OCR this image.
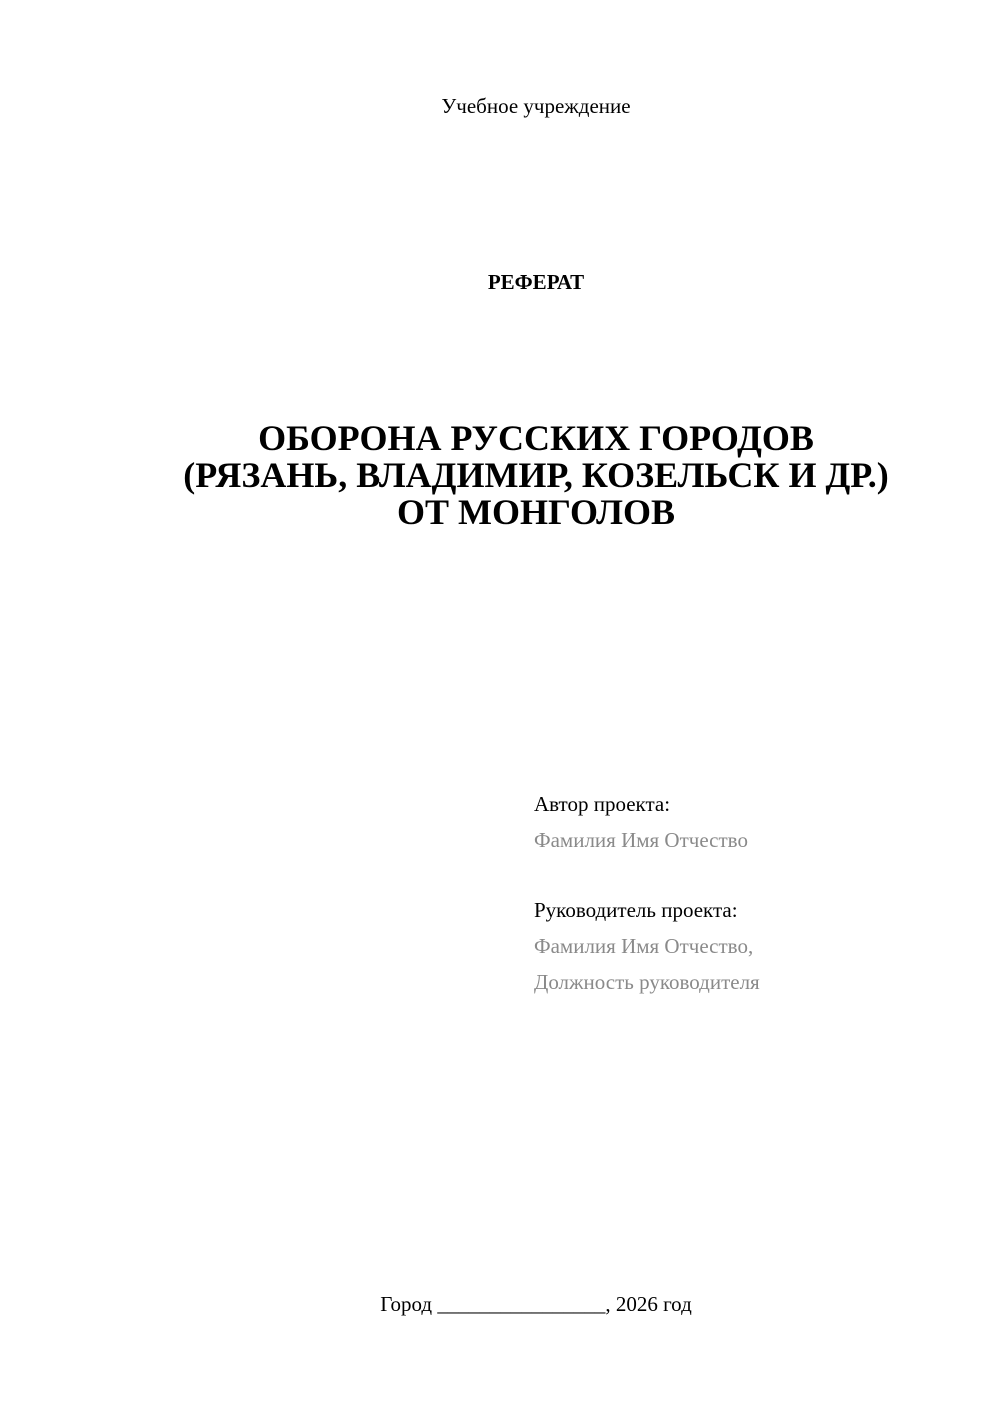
Учебное учреждение
РЕФЕРАТ
ОБОРОНА РУССКИХ ГОРОДОВ
(РЯЗАНЬ, ВЛАДИМИР, КОЗЕЛЬСК И ДР.)
ОТ МОНГОЛОВ
Автор проекта:
Фамилия Имя Отчество
Руководитель проекта:
Фамилия Имя Отчество,
Должность руководителя
Город ________________, 2026 год
